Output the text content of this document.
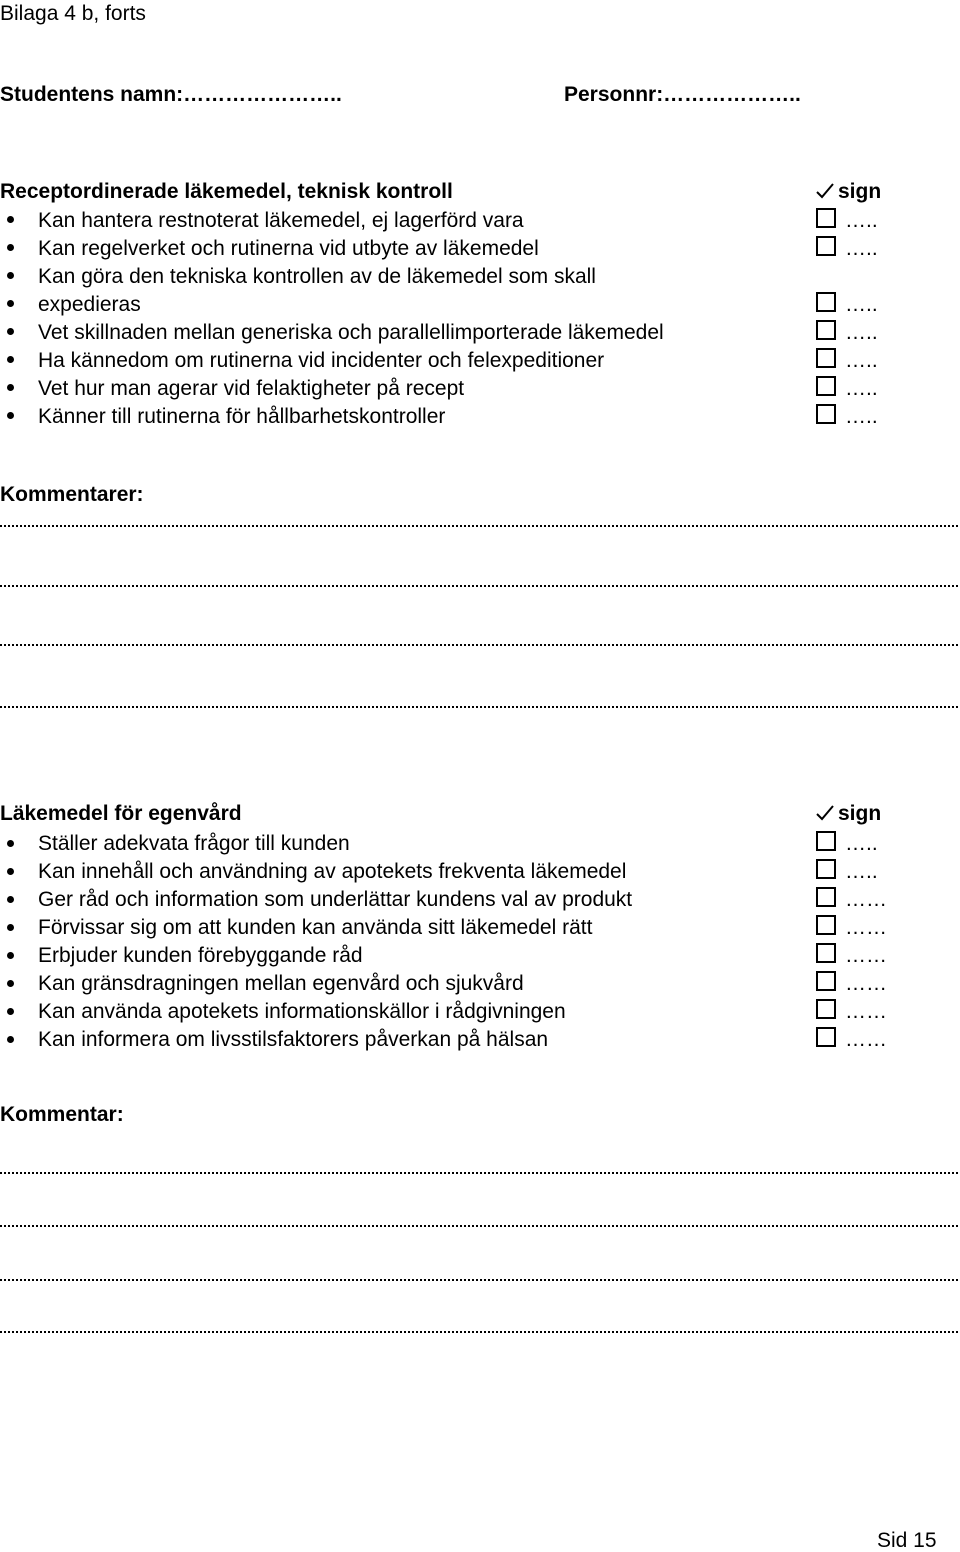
Bilaga 4 b, forts
Studentens namn:…………………..	Personnr:………………..
Receptordinerade läkemedel, teknisk kontroll	sign
Kan hantera restnoterat läkemedel, ej lagerförd vara	…..
Kan regelverket och rutinerna vid utbyte av läkemedel	…..
Kan göra den tekniska kontrollen av de läkemedel som skall
expedieras	…..
Vet skillnaden mellan generiska och parallellimporterade läkemedel	…..
Ha kännedom om rutinerna vid incidenter och felexpeditioner	…..
Vet hur man agerar vid felaktigheter på recept	…..
Känner till rutinerna för hållbarhetskontroller	…..
Kommentarer:
Läkemedel för egenvård	sign
Ställer adekvata frågor till kunden	…..
Kan innehåll och användning av apotekets frekventa läkemedel	…..
Ger råd och information som underlättar kundens val av produkt	……
Förvissar sig om att kunden kan använda sitt läkemedel rätt	……
Erbjuder kunden förebyggande råd	……
Kan gränsdragningen mellan egenvård och sjukvård	……
Kan använda apotekets informationskällor i rådgivningen	……
Kan informera om livsstilsfaktorers påverkan på hälsan	……
Kommentar:
Sid 15
